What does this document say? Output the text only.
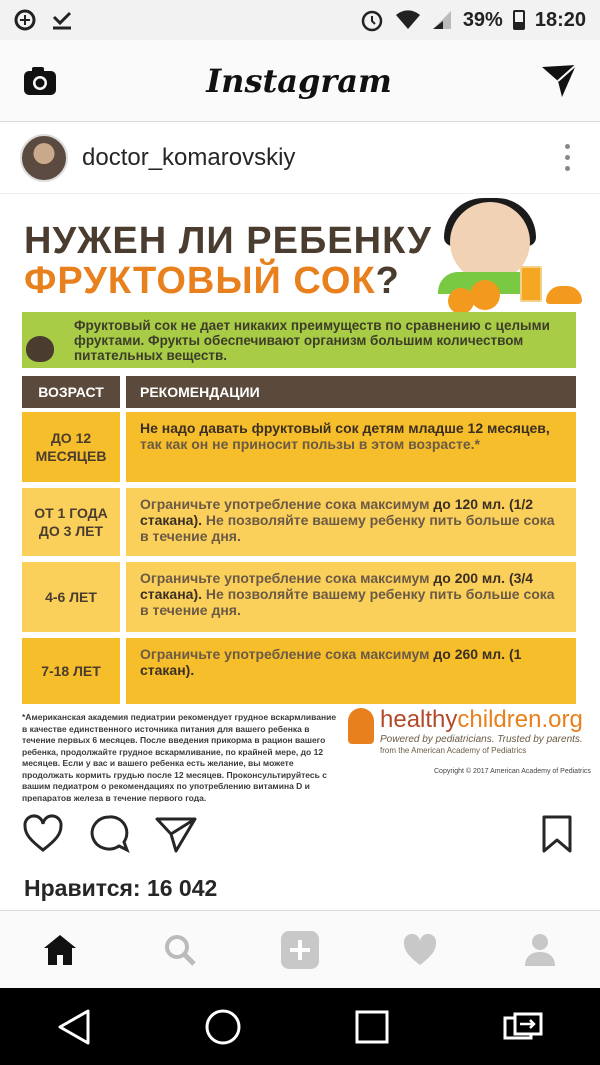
39% 18:20
Instagram
doctor_komarovskiy
НУЖЕН ЛИ РЕБЕНКУ
ФРУКТОВЫЙ СОК?
Фруктовый сок не дает никаких преимуществ по сравнению с целыми фруктами. Фрукты обеспечивают организм большим количеством питательных веществ.
ВОЗРАСТ	РЕКОМЕНДАЦИИ
ДО 12 МЕСЯЦЕВ
Не надо давать фруктовый сок детям младше 12 месяцев, так как он не приносит пользы в этом возрасте.*
ОТ 1 ГОДА ДО 3 ЛЕТ
Ограничьте употребление сока максимум до 120 мл. (1/2 стакана). Не позволяйте вашему ребенку пить больше сока в течение дня.
4-6 ЛЕТ
Ограничьте употребление сока максимум до 200 мл. (3/4 стакана). Не позволяйте вашему ребенку пить больше сока в течение дня.
7-18 ЛЕТ
Ограничьте употребление сока максимум до 260 мл. (1 стакан).
*Американская академия педиатрии рекомендует грудное вскармливание в качестве единственного источника питания для вашего ребенка в течение первых 6 месяцев. После введения прикорма в рацион вашего ребенка, продолжайте грудное вскармливание, по крайней мере, до 12 месяцев. Если у вас и вашего ребенка есть желание, вы можете продолжать кормить грудью после 12 месяцев. Проконсультируйтесь с вашим педиатром о рекомендациях по употреблению витамина D и препаратов железа в течение первого года.
healthychildren.org
Powered by pediatricians. Trusted by parents.
from the American Academy of Pediatrics
Copyright © 2017 American Academy of Pediatrics
Нравится: 16 042
